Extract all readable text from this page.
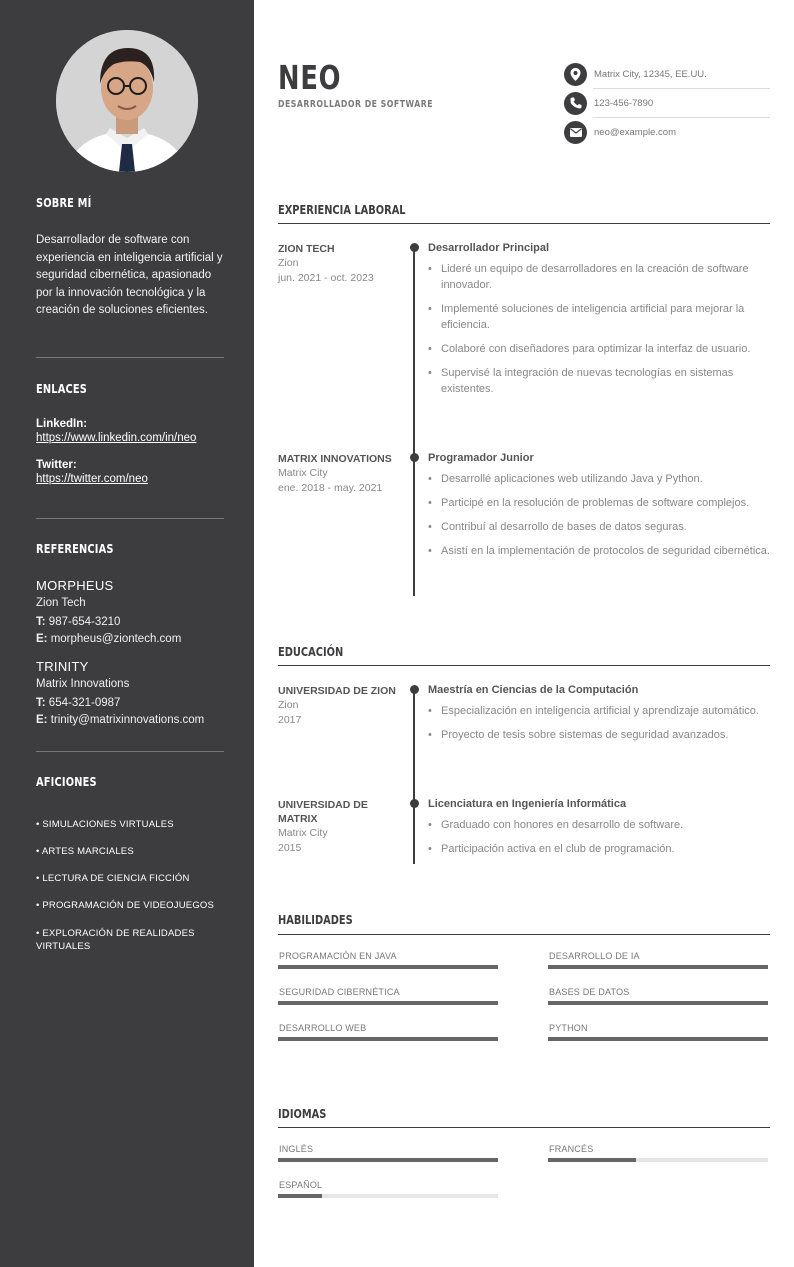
SOBRE MÍ
Desarrollador de software con experiencia en inteligencia artificial y seguridad cibernética, apasionado por la innovación tecnológica y la creación de soluciones eficientes.
ENLACES
LinkedIn:
https://www.linkedin.com/in/neo
Twitter:
https://twitter.com/neo
REFERENCIAS
MORPHEUS
Zion Tech
T: 987-654-3210
E: morpheus@ziontech.com
TRINITY
Matrix Innovations
T: 654-321-0987
E: trinity@matrixinnovations.com
AFICIONES
• SIMULACIONES VIRTUALES
• ARTES MARCIALES
• LECTURA DE CIENCIA FICCIÓN
• PROGRAMACIÓN DE VIDEOJUEGOS
• EXPLORACIÓN DE REALIDADES VIRTUALES
NEO
DESARROLLADOR DE SOFTWARE
Matrix City, 12345, EE.UU.
123-456-7890
neo@example.com
EXPERIENCIA LABORAL
ZION TECH
Zion
jun. 2021 - oct. 2023
Desarrollador Principal
• Lideré un equipo de desarrolladores en la creación de software innovador.
• Implementé soluciones de inteligencia artificial para mejorar la eficiencia.
• Colaboré con diseñadores para optimizar la interfaz de usuario.
• Supervisé la integración de nuevas tecnologías en sistemas existentes.
MATRIX INNOVATIONS
Matrix City
ene. 2018 - may. 2021
Programador Junior
• Desarrollé aplicaciones web utilizando Java y Python.
• Participé en la resolución de problemas de software complejos.
• Contribuí al desarrollo de bases de datos seguras.
• Asistí en la implementación de protocolos de seguridad cibernética.
EDUCACIÓN
UNIVERSIDAD DE ZION
Zion
2017
Maestría en Ciencias de la Computación
• Especialización en inteligencia artificial y aprendizaje automático.
• Proyecto de tesis sobre sistemas de seguridad avanzados.
UNIVERSIDAD DE MATRIX
Matrix City
2015
Licenciatura en Ingeniería Informática
• Graduado con honores en desarrollo de software.
• Participación activa en el club de programación.
HABILIDADES
PROGRAMACIÓN EN JAVA	DESARROLLO DE IA
SEGURIDAD CIBERNÉTICA	BASES DE DATOS
DESARROLLO WEB	PYTHON
IDIOMAS
INGLÉS	FRANCÉS
ESPAÑOL
